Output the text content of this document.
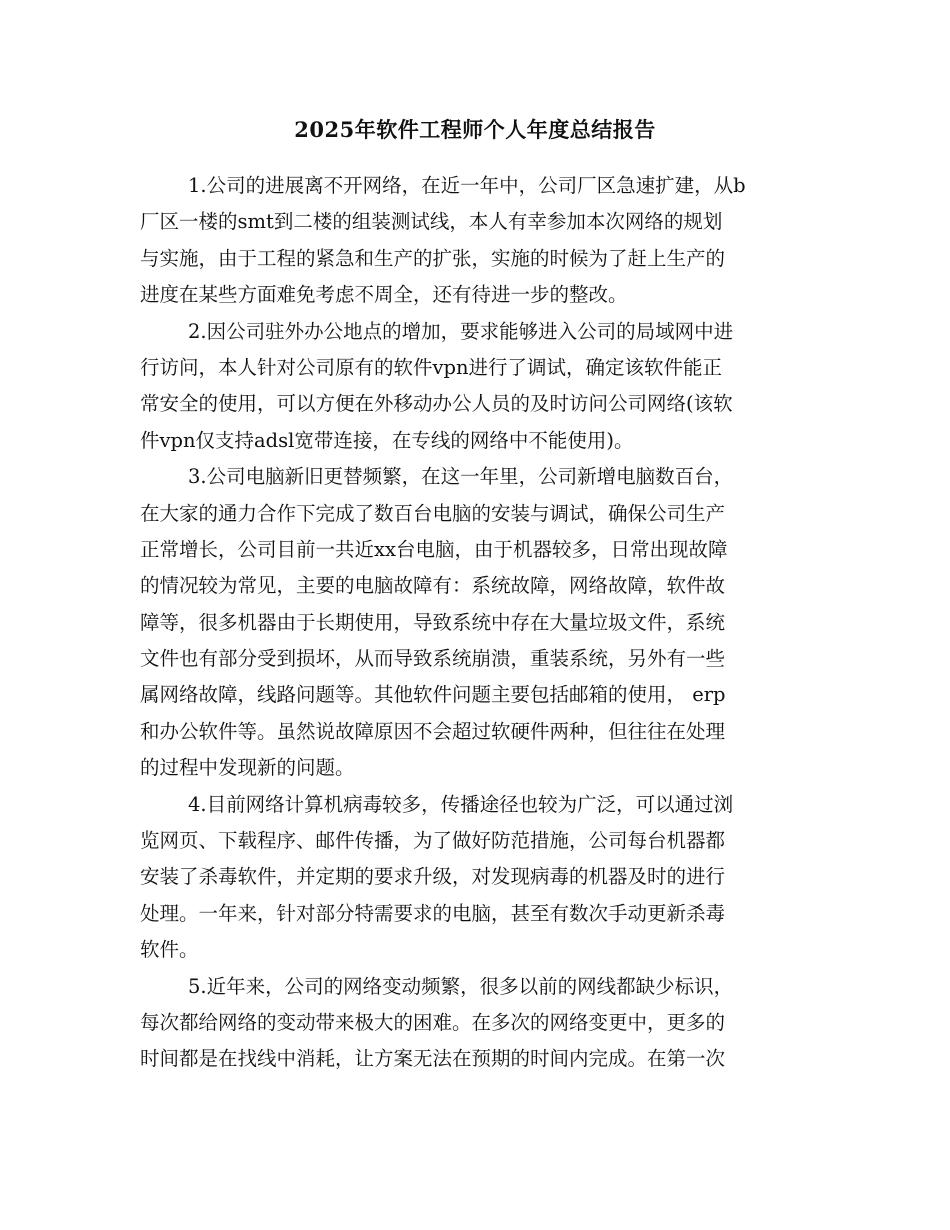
2025年软件工程师个人年度总结报告
1.公司的进展离不开网络，在近一年中，公司厂区急速扩建，从b
厂区一楼的smt到二楼的组装测试线，本人有幸参加本次网络的规划
与实施，由于工程的紧急和生产的扩张，实施的时候为了赶上生产的
进度在某些方面难免考虑不周全，还有待进一步的整改。
2.因公司驻外办公地点的增加，要求能够进入公司的局域网中进
行访问，本人针对公司原有的软件vpn进行了调试，确定该软件能正
常安全的使用，可以方便在外移动办公人员的及时访问公司网络(该软
件vpn仅支持adsl宽带连接，在专线的网络中不能使用)。
3.公司电脑新旧更替频繁，在这一年里，公司新增电脑数百台，
在大家的通力合作下完成了数百台电脑的安装与调试，确保公司生产
正常增长，公司目前一共近xx台电脑，由于机器较多，日常出现故障
的情况较为常见，主要的电脑故障有：系统故障，网络故障，软件故
障等，很多机器由于长期使用，导致系统中存在大量垃圾文件，系统
文件也有部分受到损坏，从而导致系统崩溃，重装系统，另外有一些
属网络故障，线路问题等。其他软件问题主要包括邮箱的使用， erp
和办公软件等。虽然说故障原因不会超过软硬件两种，但往往在处理
的过程中发现新的问题。
4.目前网络计算机病毒较多，传播途径也较为广泛，可以通过浏
览网页、下载程序、邮件传播，为了做好防范措施，公司每台机器都
安装了杀毒软件，并定期的要求升级，对发现病毒的机器及时的进行
处理。一年来，针对部分特需要求的电脑，甚至有数次手动更新杀毒
软件。
5.近年来，公司的网络变动频繁，很多以前的网线都缺少标识，
每次都给网络的变动带来极大的困难。在多次的网络变更中，更多的
时间都是在找线中消耗，让方案无法在预期的时间内完成。在第一次
